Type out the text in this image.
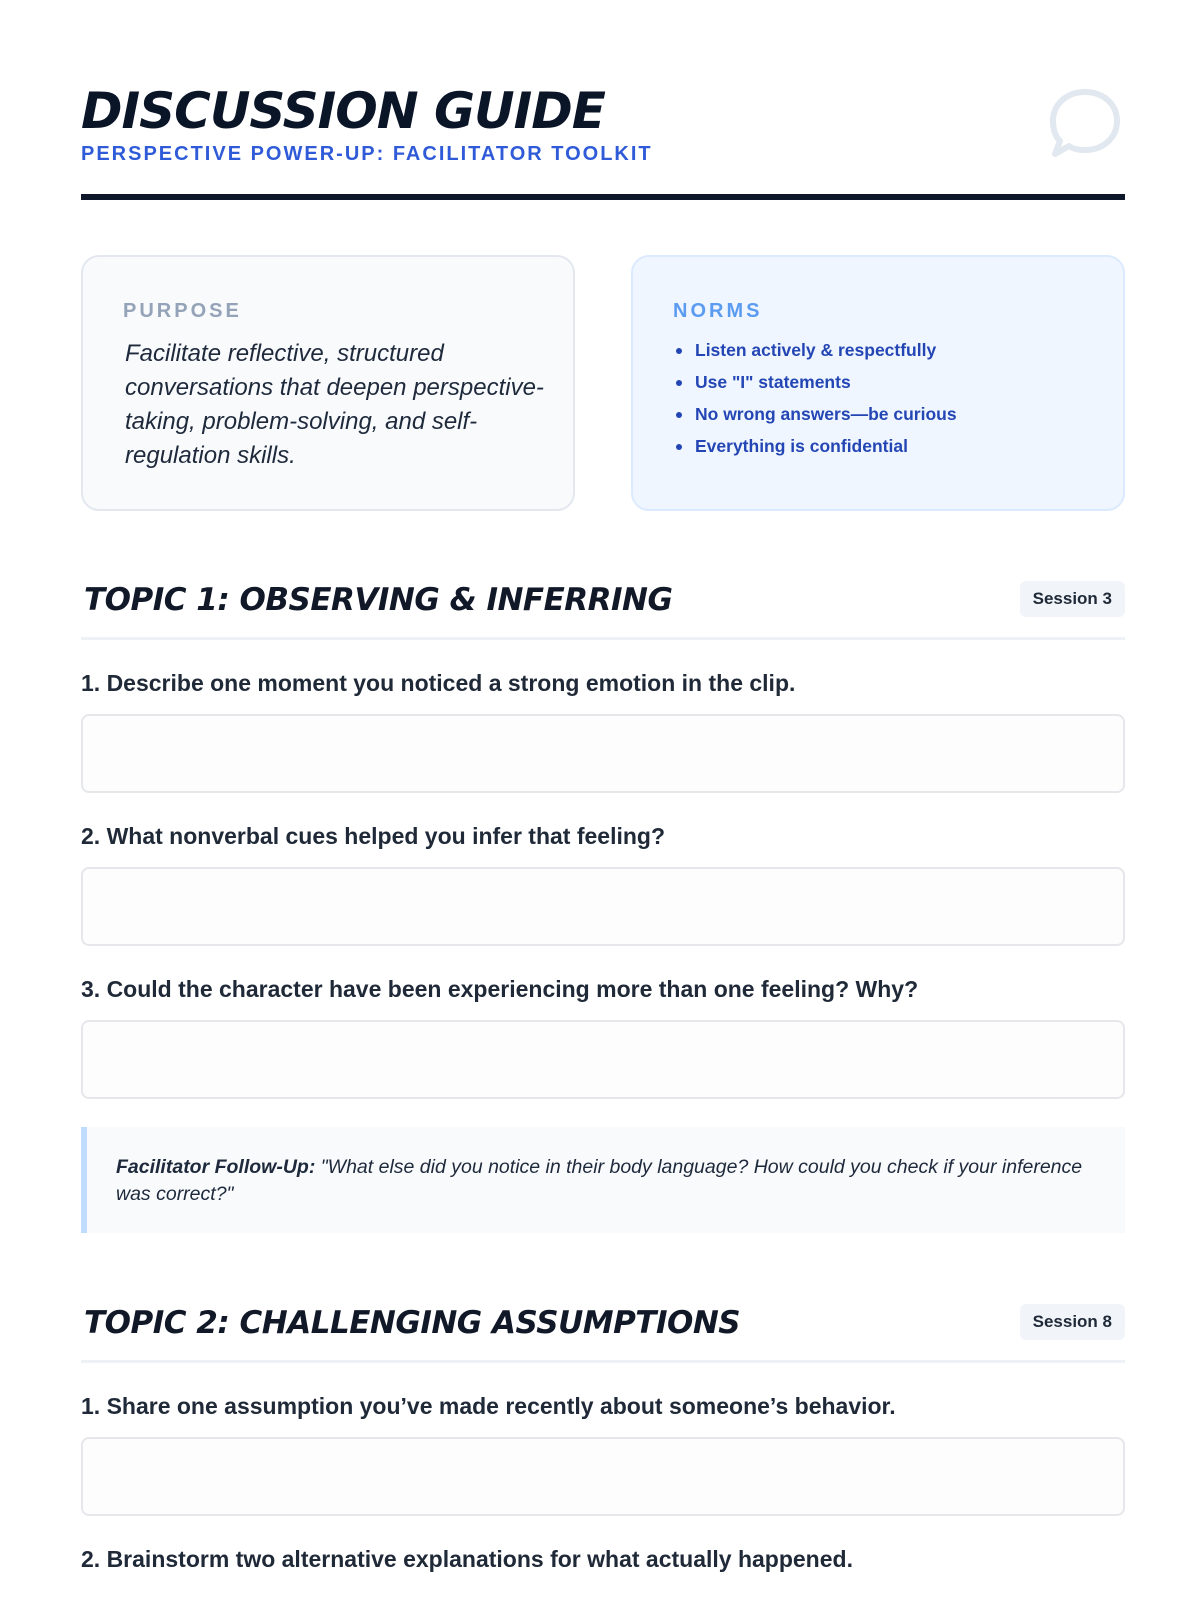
DISCUSSION GUIDE
PERSPECTIVE POWER-UP: FACILITATOR TOOLKIT
PURPOSE
Facilitate reflective, structured conversations that deepen perspective-taking, problem-solving, and self-regulation skills.
NORMS
Listen actively & respectfully
Use "I" statements
No wrong answers—be curious
Everything is confidential
TOPIC 1: OBSERVING & INFERRING	Session 3
1. Describe one moment you noticed a strong emotion in the clip.
2. What nonverbal cues helped you infer that feeling?
3. Could the character have been experiencing more than one feeling? Why?
Facilitator Follow-Up: "What else did you notice in their body language? How could you check if your inference was correct?"
TOPIC 2: CHALLENGING ASSUMPTIONS	Session 8
1. Share one assumption you’ve made recently about someone’s behavior.
2. Brainstorm two alternative explanations for what actually happened.
